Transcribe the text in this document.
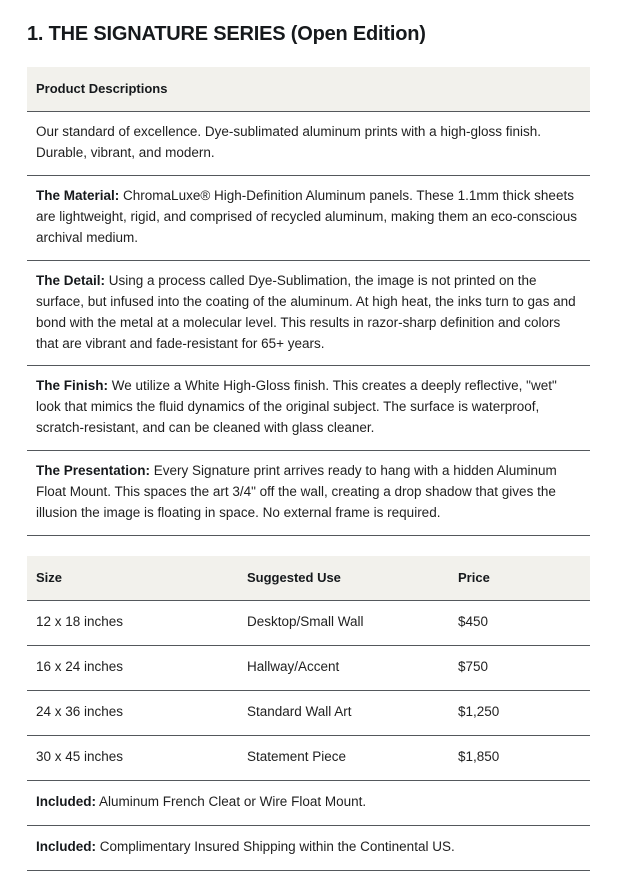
1. THE SIGNATURE SERIES (Open Edition)
Product Descriptions
Our standard of excellence. Dye-sublimated aluminum prints with a high-gloss finish. Durable, vibrant, and modern.
The Material: ChromaLuxe® High-Definition Aluminum panels. These 1.1mm thick sheets are lightweight, rigid, and comprised of recycled aluminum, making them an eco-conscious archival medium.
The Detail: Using a process called Dye-Sublimation, the image is not printed on the surface, but infused into the coating of the aluminum. At high heat, the inks turn to gas and bond with the metal at a molecular level. This results in razor-sharp definition and colors that are vibrant and fade-resistant for 65+ years.
The Finish: We utilize a White High-Gloss finish. This creates a deeply reflective, "wet" look that mimics the fluid dynamics of the original subject. The surface is waterproof, scratch-resistant, and can be cleaned with glass cleaner.
The Presentation: Every Signature print arrives ready to hang with a hidden Aluminum Float Mount. This spaces the art 3/4" off the wall, creating a drop shadow that gives the illusion the image is floating in space. No external frame is required.
Size	Suggested Use	Price
12 x 18 inches	Desktop/Small Wall	$450
16 x 24 inches	Hallway/Accent	$750
24 x 36 inches	Standard Wall Art	$1,250
30 x 45 inches	Statement Piece	$1,850
Included: Aluminum French Cleat or Wire Float Mount.		
Included: Complimentary Insured Shipping within the Continental US.		
